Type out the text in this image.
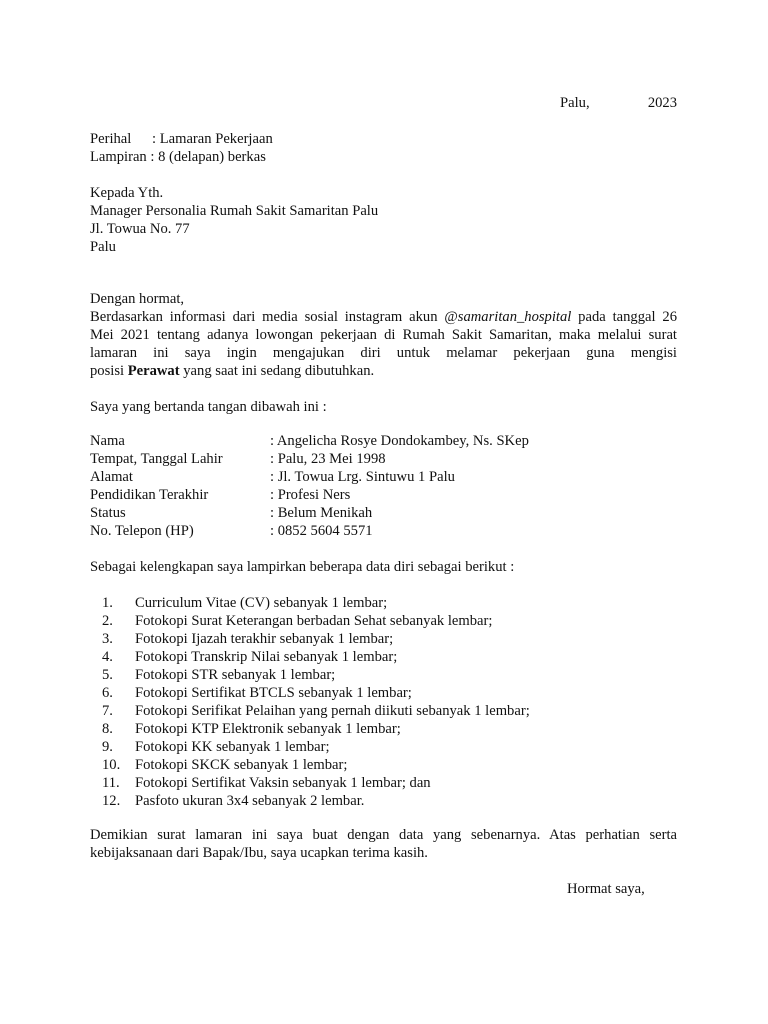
Palu,	2023
Perihal : Lamaran Pekerjaan
Lampiran : 8 (delapan) berkas
Kepada Yth.
Manager Personalia Rumah Sakit Samaritan Palu
Jl. Towua No. 77
Palu
Dengan hormat,
Berdasarkan informasi dari media sosial instagram akun @samaritan_hospital pada tanggal 26
Mei 2021 tentang adanya lowongan pekerjaan di Rumah Sakit Samaritan, maka melalui surat
lamaran ini saya ingin mengajukan diri untuk melamar pekerjaan guna mengisi
posisi Perawat yang saat ini sedang dibutuhkan.
Saya yang bertanda tangan dibawah ini :
Nama	: Angelicha Rosye Dondokambey, Ns. SKep
Tempat, Tanggal Lahir	: Palu, 23 Mei 1998
Alamat	: Jl. Towua Lrg. Sintuwu 1 Palu
Pendidikan Terakhir	: Profesi Ners
Status	: Belum Menikah
No. Telepon (HP)	: 0852 5604 5571
Sebagai kelengkapan saya lampirkan beberapa data diri sebagai berikut :
1. Curriculum Vitae (CV) sebanyak 1 lembar;
2. Fotokopi Surat Keterangan berbadan Sehat sebanyak lembar;
3. Fotokopi Ijazah terakhir sebanyak 1 lembar;
4. Fotokopi Transkrip Nilai sebanyak 1 lembar;
5. Fotokopi STR sebanyak 1 lembar;
6. Fotokopi Sertifikat BTCLS sebanyak 1 lembar;
7. Fotokopi Serifikat Pelaihan yang pernah diikuti sebanyak 1 lembar;
8. Fotokopi KTP Elektronik sebanyak 1 lembar;
9. Fotokopi KK sebanyak 1 lembar;
10. Fotokopi SKCK sebanyak 1 lembar;
11. Fotokopi Sertifikat Vaksin sebanyak 1 lembar; dan
12. Pasfoto ukuran 3x4 sebanyak 2 lembar.
Demikian surat lamaran ini saya buat dengan data yang sebenarnya. Atas perhatian serta
kebijaksanaan dari Bapak/Ibu, saya ucapkan terima kasih.
Hormat saya,
